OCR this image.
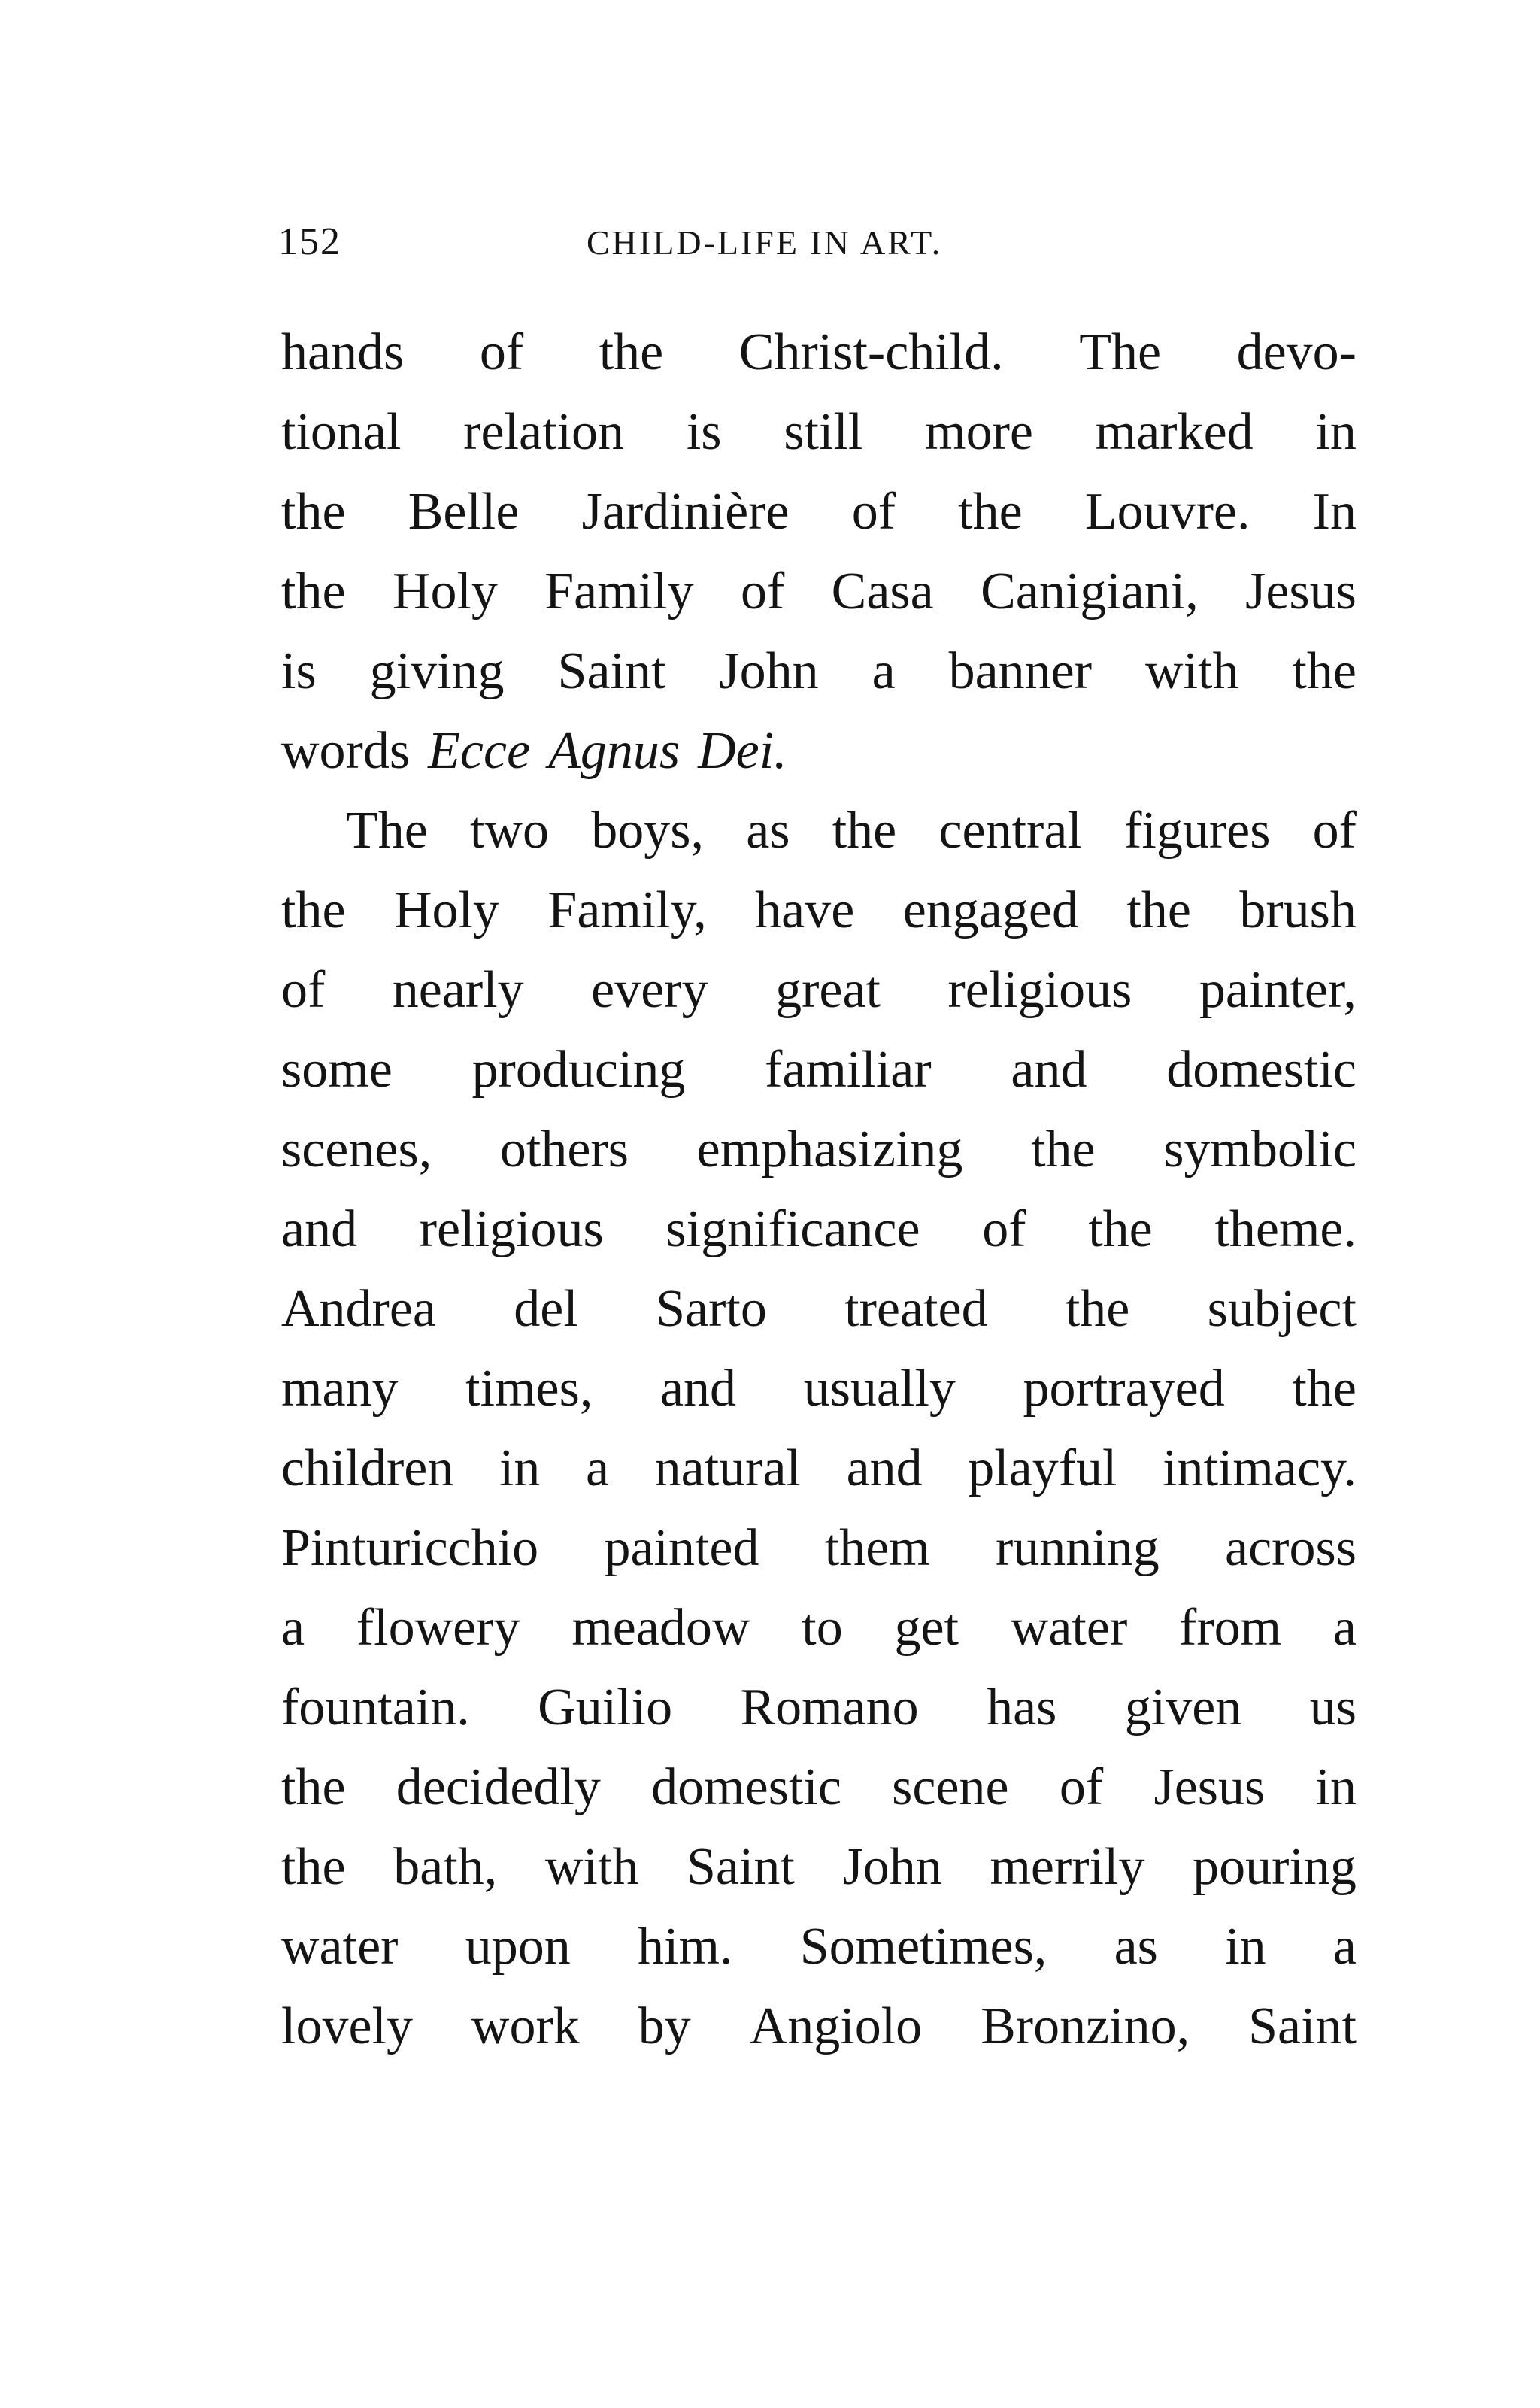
152	CHILD-LIFE IN ART.
hands of the Christ-child. The devo-
tional relation is still more marked in
the Belle Jardinière of the Louvre. In
the Holy Family of Casa Canigiani, Jesus
is giving Saint John a banner with the
words Ecce Agnus Dei.
The two boys, as the central figures of
the Holy Family, have engaged the brush
of nearly every great religious painter,
some producing familiar and domestic
scenes, others emphasizing the symbolic
and religious significance of the theme.
Andrea del Sarto treated the subject
many times, and usually portrayed the
children in a natural and playful intimacy.
Pinturicchio painted them running across
a flowery meadow to get water from a
fountain. Guilio Romano has given us
the decidedly domestic scene of Jesus in
the bath, with Saint John merrily pouring
water upon him. Sometimes, as in a
lovely work by Angiolo Bronzino, Saint
